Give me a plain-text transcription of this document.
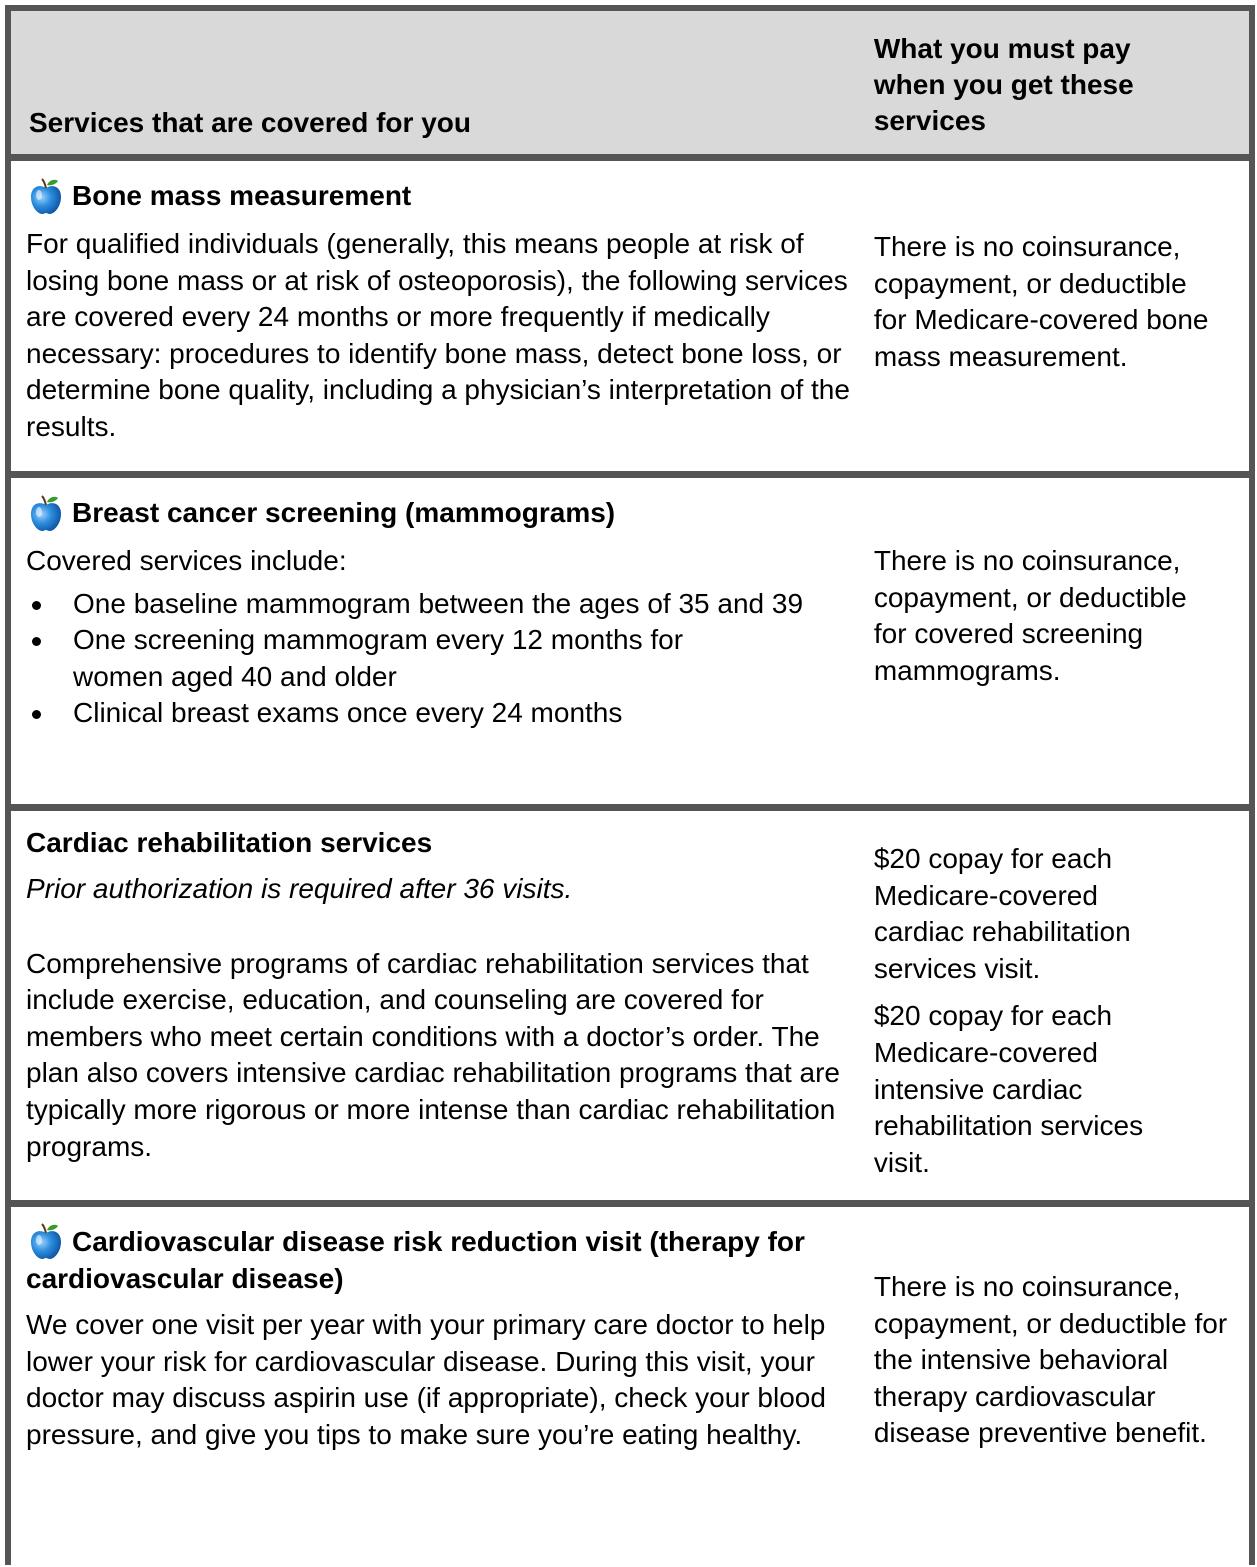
Services that are covered for you
What you must pay when you get these services
Bone mass measurement

For qualified individuals (generally, this means people at risk of losing bone mass or at risk of osteoporosis), the following services are covered every 24 months or more frequently if medically necessary: procedures to identify bone mass, detect bone loss, or determine bone quality, including a physician’s interpretation of the results.

There is no coinsurance, copayment, or deductible for Medicare-covered bone mass measurement.

Breast cancer screening (mammograms)

Covered services include:

One baseline mammogram between the ages of 35 and 39
One screening mammogram every 12 months for women aged 40 and older
Clinical breast exams once every 24 months

There is no coinsurance, copayment, or deductible for covered screening mammograms.

Cardiac rehabilitation services

Prior authorization is required after 36 visits.

Comprehensive programs of cardiac rehabilitation services that include exercise, education, and counseling are covered for members who meet certain conditions with a doctor’s order. The plan also covers intensive cardiac rehabilitation programs that are typically more rigorous or more intense than cardiac rehabilitation programs.

$20 copay for each Medicare-covered cardiac rehabilitation services visit.

$20 copay for each Medicare-covered intensive cardiac rehabilitation services visit.

Cardiovascular disease risk reduction visit (therapy for cardiovascular disease)

We cover one visit per year with your primary care doctor to help lower your risk for cardiovascular disease. During this visit, your doctor may discuss aspirin use (if appropriate), check your blood pressure, and give you tips to make sure you’re eating healthy.

There is no coinsurance, copayment, or deductible for the intensive behavioral therapy cardiovascular disease preventive benefit.
